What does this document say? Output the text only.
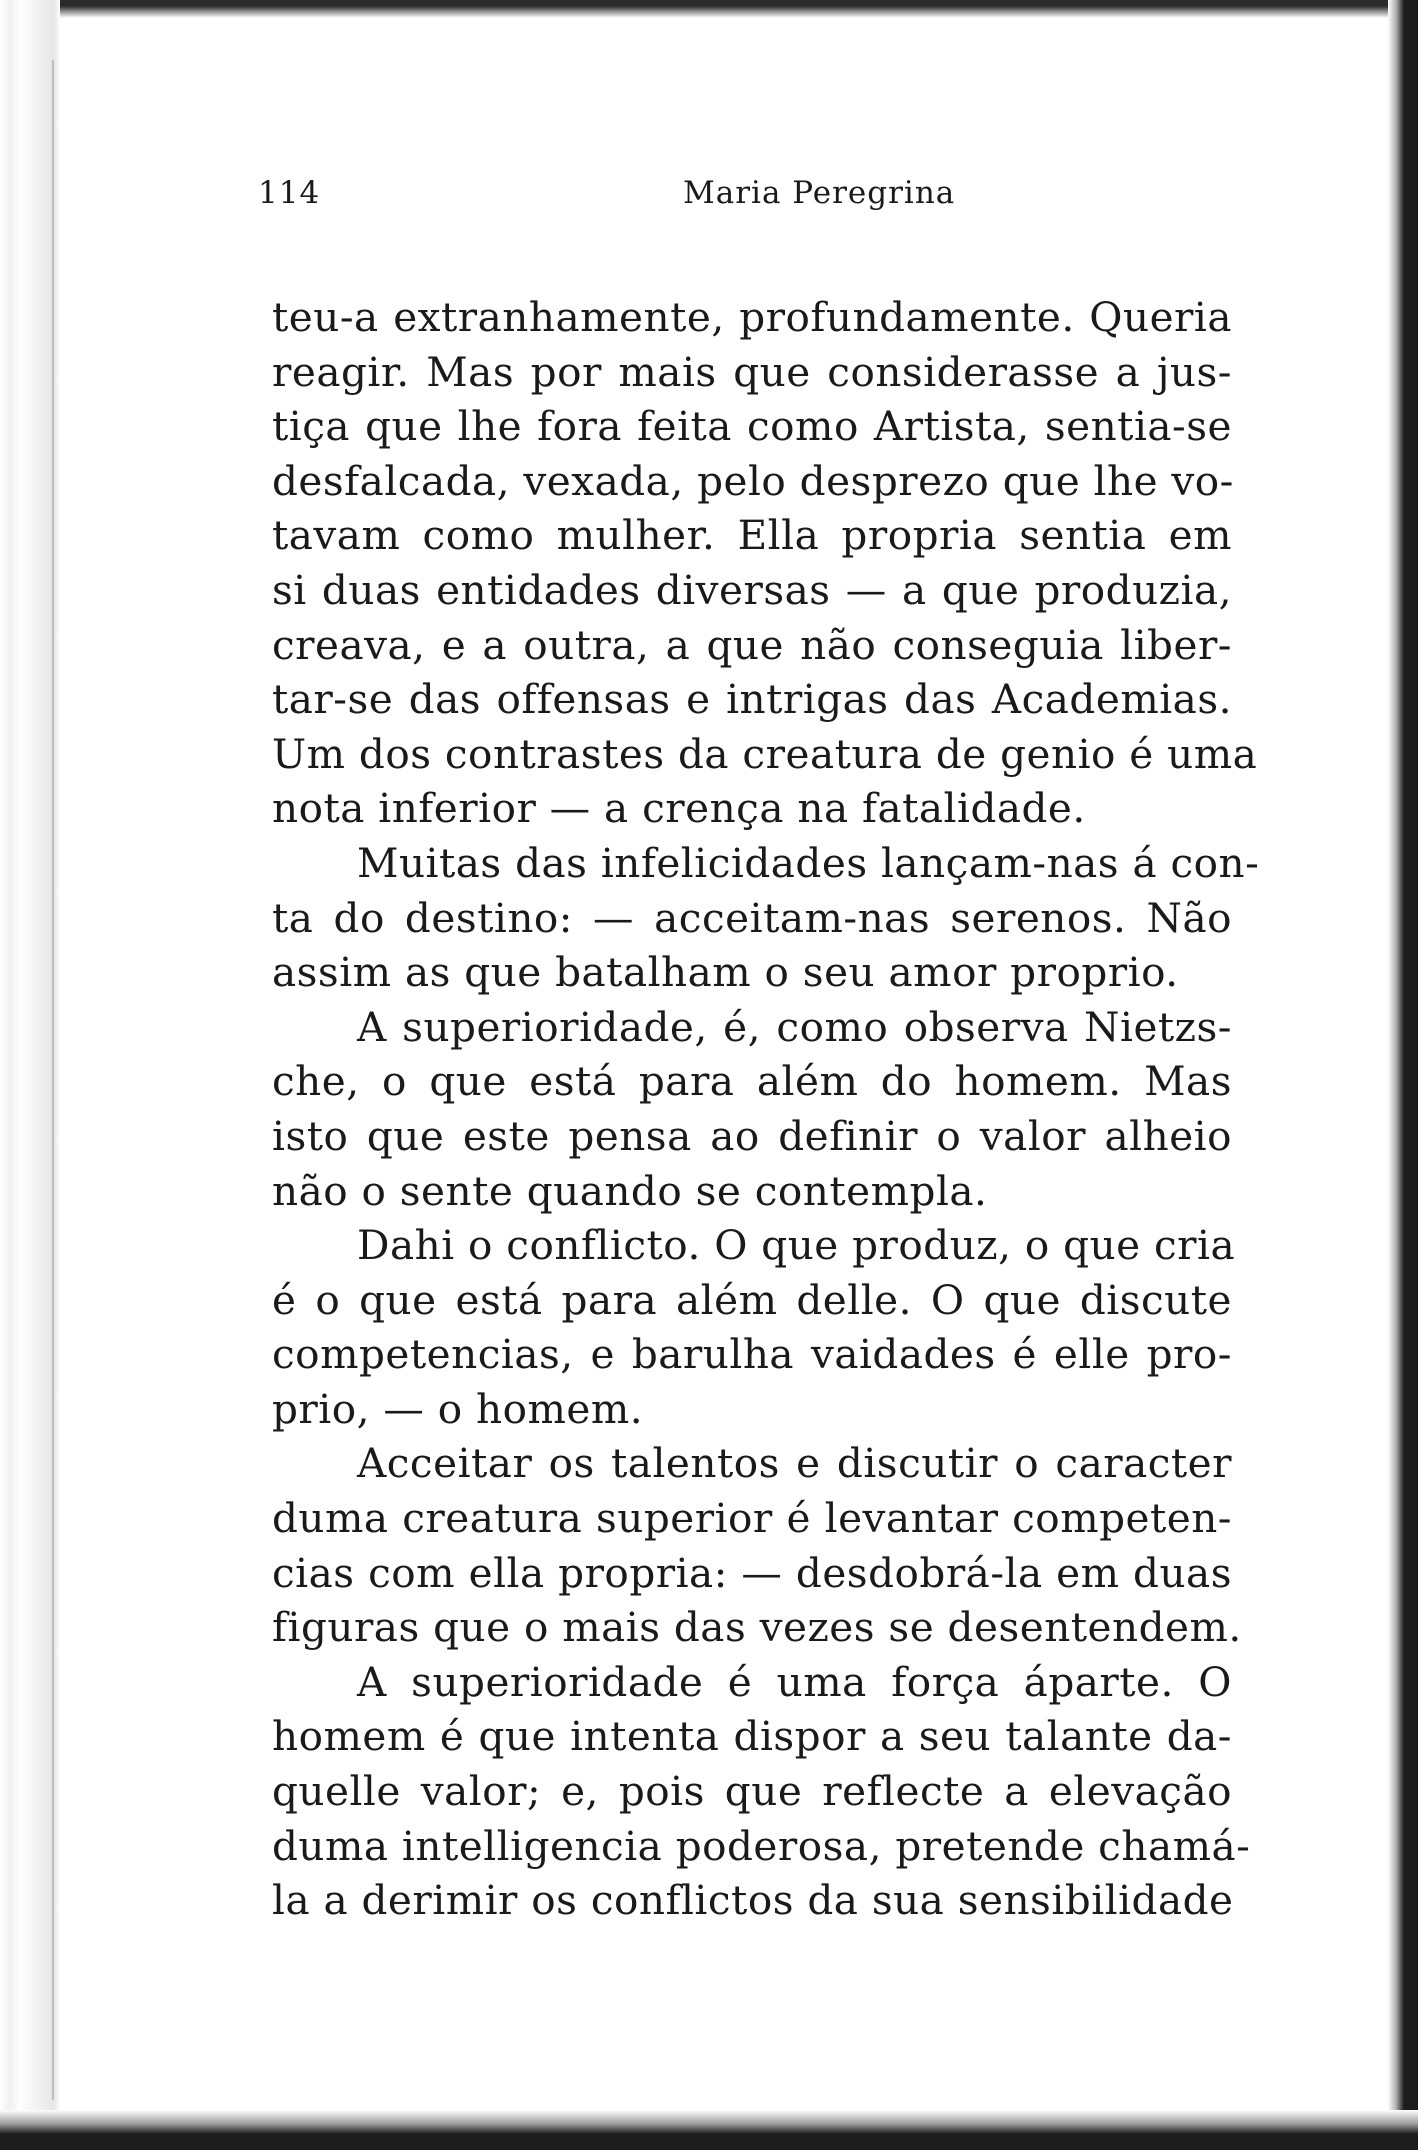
114	Maria Peregrina
teu-a extranhamente, profundamente. Queria
reagir. Mas por mais que considerasse a jus-
tiça que lhe fora feita como Artista, sentia-se
desfalcada, vexada, pelo desprezo que lhe vo-
tavam como mulher. Ella propria sentia em
si duas entidades diversas — a que produzia,
creava, e a outra, a que não conseguia liber-
tar-se das offensas e intrigas das Academias.
Um dos contrastes da creatura de genio é uma
nota inferior — a crença na fatalidade.
Muitas das infelicidades lançam-nas á con-
ta do destino: — acceitam-nas serenos. Não
assim as que batalham o seu amor proprio.
A superioridade, é, como observa Nietzs-
che, o que está para além do homem. Mas
isto que este pensa ao definir o valor alheio
não o sente quando se contempla.
Dahi o conflicto. O que produz, o que cria
é o que está para além delle. O que discute
competencias, e barulha vaidades é elle pro-
prio, — o homem.
Acceitar os talentos e discutir o caracter
duma creatura superior é levantar competen-
cias com ella propria: — desdobrá-la em duas
figuras que o mais das vezes se desentendem.
A superioridade é uma força áparte. O
homem é que intenta dispor a seu talante da-
quelle valor; e, pois que reflecte a elevação
duma intelligencia poderosa, pretende chamá-
la a derimir os conflictos da sua sensibilidade
